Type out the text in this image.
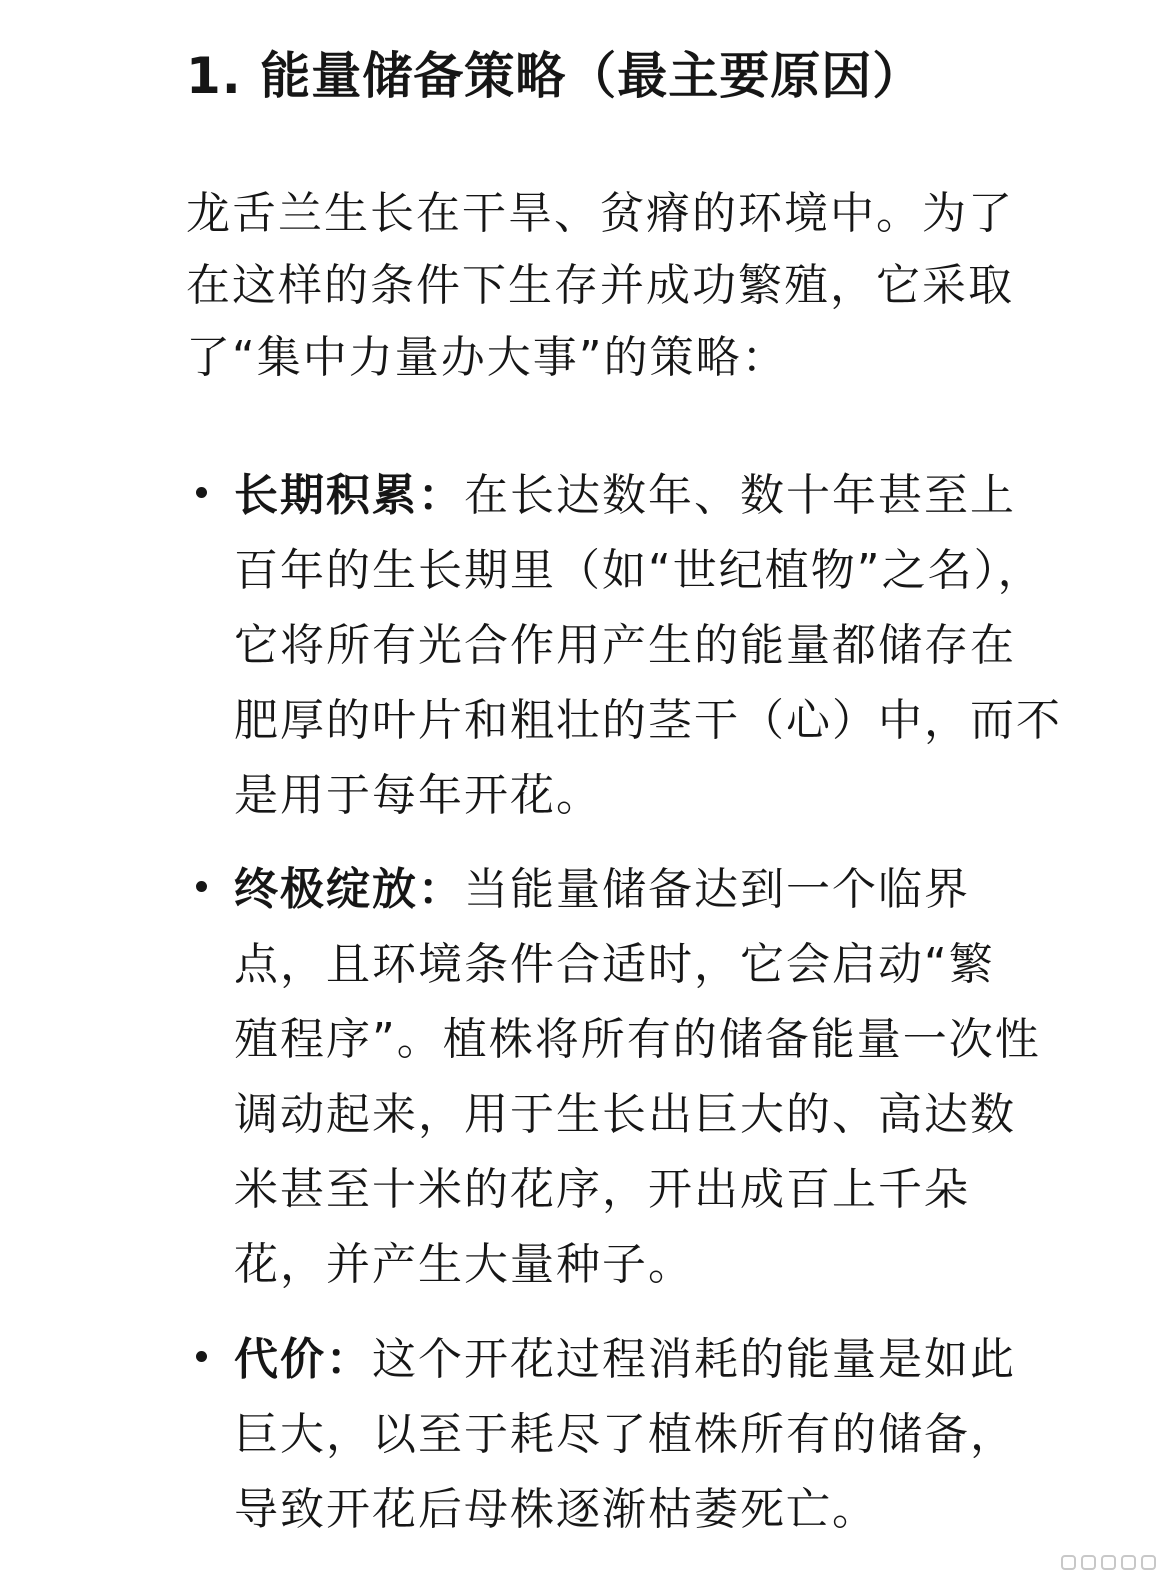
1. 能量储备策略（最主要原因）

龙舌兰生长在干旱、贫瘠的环境中。为了
在这样的条件下生存并成功繁殖，它采取
了“集中力量办大事”的策略：

长期积累：在长达数年、数十年甚至上
百年的生长期里（如“世纪植物”之名），
它将所有光合作用产生的能量都储存在
肥厚的叶片和粗壮的茎干（心）中，而不
是用于每年开花。
终极绽放：当能量储备达到一个临界
点，且环境条件合适时，它会启动“繁
殖程序”。植株将所有的储备能量一次性
调动起来，用于生长出巨大的、高达数
米甚至十米的花序，开出成百上千朵
花，并产生大量种子。
代价：这个开花过程消耗的能量是如此
巨大，以至于耗尽了植株所有的储备，
导致开花后母株逐渐枯萎死亡。
